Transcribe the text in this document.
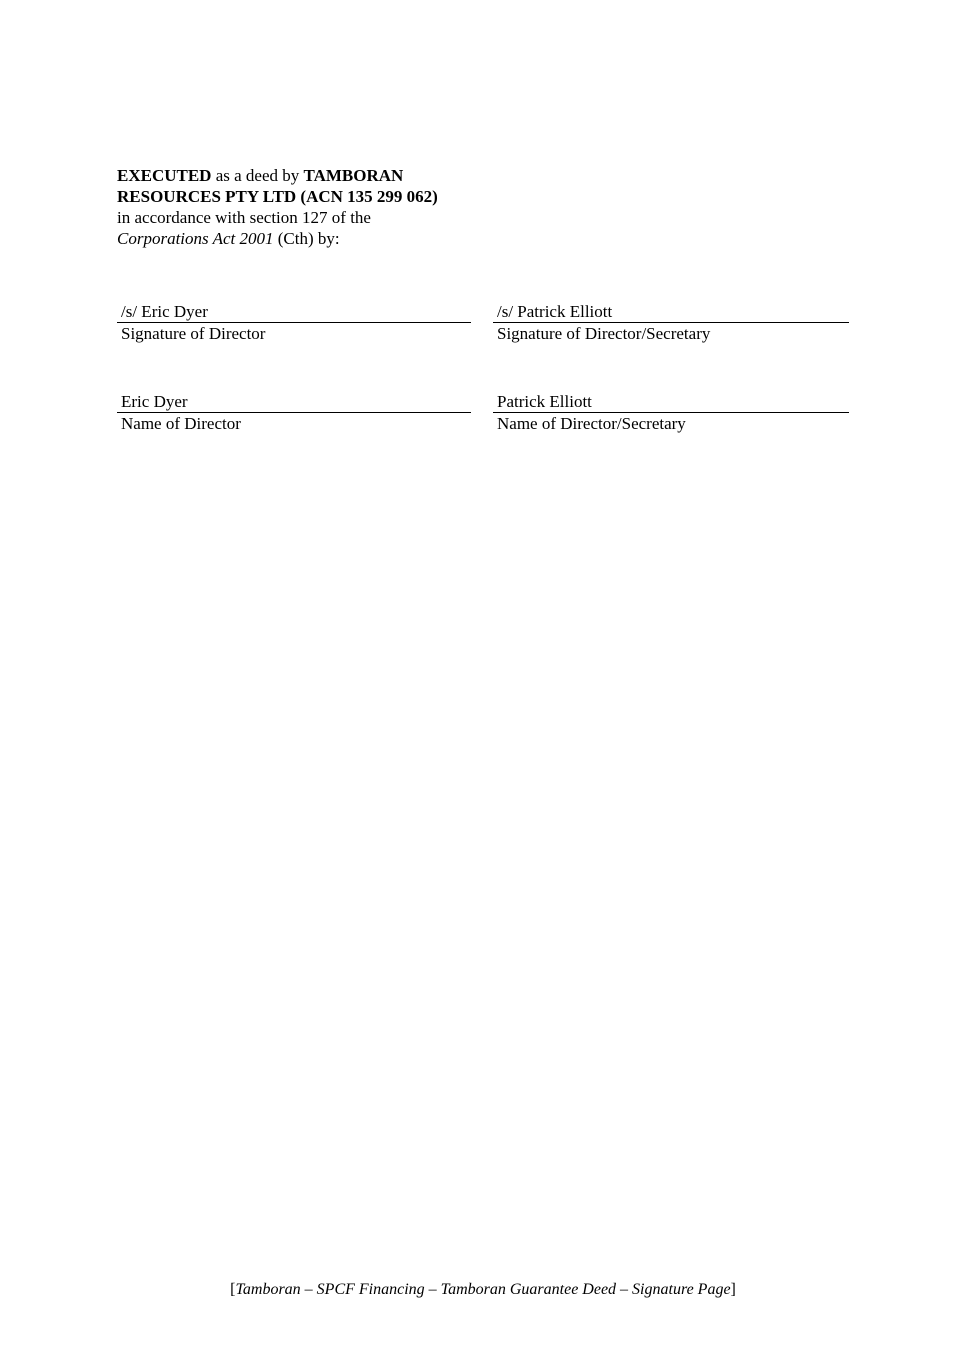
EXECUTED as a deed by TAMBORAN
RESOURCES PTY LTD (ACN 135 299 062)
in accordance with section 127 of the
Corporations Act 2001 (Cth) by:
/s/ Eric Dyer
Signature of Director
/s/ Patrick Elliott
Signature of Director/Secretary
Eric Dyer
Name of Director
Patrick Elliott
Name of Director/Secretary
[Tamboran – SPCF Financing – Tamboran Guarantee Deed – Signature Page]
